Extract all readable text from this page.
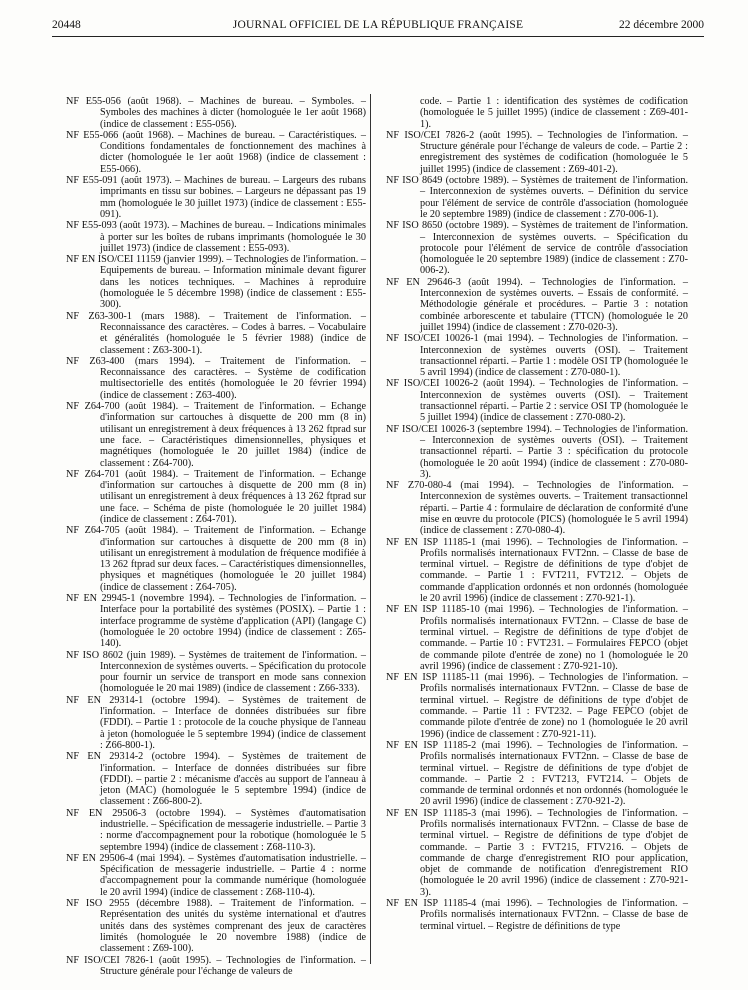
20448	JOURNAL OFFICIEL DE LA RÉPUBLIQUE FRANÇAISE	22 décembre 2000

NF E55-056 (août 1968). – Machines de bureau. – Symboles. – Symboles des machines à dicter (homologuée le 1er août 1968) (indice de classement : E55-056).

NF E55-066 (août 1968). – Machines de bureau. – Caractéristiques. – Conditions fondamentales de fonctionnement des machines à dicter (homologuée le 1er août 1968) (indice de classement : E55-066).

NF E55-091 (août 1973). – Machines de bureau. – Largeurs des rubans imprimants en tissu sur bobines. – Largeurs ne dépassant pas 19 mm (homologuée le 30 juillet 1973) (indice de classement : E55-091).

NF E55-093 (août 1973). – Machines de bureau. – Indications minimales à porter sur les boîtes de rubans imprimants (homologuée le 30 juillet 1973) (indice de classement : E55-093).

NF EN ISO/CEI 11159 (janvier 1999). – Technologies de l'information. – Equipements de bureau. – Information minimale devant figurer dans les notices techniques. – Machines à reproduire (homologuée le 5 décembre 1998) (indice de classement : E55-300).

NF Z63-300-1 (mars 1988). – Traitement de l'information. – Reconnaissance des caractères. – Codes à barres. – Vocabulaire et généralités (homologuée le 5 février 1988) (indice de classement : Z63-300-1).

NF Z63-400 (mars 1994). – Traitement de l'information. – Reconnaissance des caractères. – Système de codification multisectorielle des entités (homologuée le 20 février 1994) (indice de classement : Z63-400).

NF Z64-700 (août 1984). – Traitement de l'information. – Echange d'information sur cartouches à disquette de 200 mm (8 in) utilisant un enregistrement à deux fréquences à 13 262 ftprad sur une face. – Caractéristiques dimensionnelles, physiques et magnétiques (homologuée le 20 juillet 1984) (indice de classement : Z64-700).

NF Z64-701 (août 1984). – Traitement de l'information. – Echange d'information sur cartouches à disquette de 200 mm (8 in) utilisant un enregistrement à deux fréquences à 13 262 ftprad sur une face. – Schéma de piste (homologuée le 20 juillet 1984) (indice de classement : Z64-701).

NF Z64-705 (août 1984). – Traitement de l'information. – Echange d'information sur cartouches à disquette de 200 mm (8 in) utilisant un enregistrement à modulation de fréquence modifiée à 13 262 ftprad sur deux faces. – Caractéristiques dimensionnelles, physiques et magnétiques (homologuée le 20 juillet 1984) (indice de classement : Z64-705).

NF EN 29945-1 (novembre 1994). – Technologies de l'information. – Interface pour la portabilité des systèmes (POSIX). – Partie 1 : interface programme de système d'application (API) (langage C) (homologuée le 20 octobre 1994) (indice de classement : Z65-140).

NF ISO 8602 (juin 1989). – Systèmes de traitement de l'information. – Interconnexion de systèmes ouverts. – Spécification du protocole pour fournir un service de transport en mode sans connexion (homologuée le 20 mai 1989) (indice de classement : Z66-333).

NF EN 29314-1 (octobre 1994). – Systèmes de traitement de l'information. – Interface de données distribuées sur fibre (FDDI). – Partie 1 : protocole de la couche physique de l'anneau à jeton (homologuée le 5 septembre 1994) (indice de classement : Z66-800-1).

NF EN 29314-2 (octobre 1994). – Systèmes de traitement de l'information. – Interface de données distribuées sur fibre (FDDI). – partie 2 : mécanisme d'accès au support de l'anneau à jeton (MAC) (homologuée le 5 septembre 1994) (indice de classement : Z66-800-2).

NF EN 29506-3 (octobre 1994). – Systèmes d'automatisation industrielle. – Spécification de messagerie industrielle. – Partie 3 : norme d'accompagnement pour la robotique (homologuée le 5 septembre 1994) (indice de classement : Z68-110-3).

NF EN 29506-4 (mai 1994). – Systèmes d'automatisation industrielle. – Spécification de messagerie industrielle. – Partie 4 : norme d'accompagnement pour la commande numérique (homologuée le 20 avril 1994) (indice de classement : Z68-110-4).

NF ISO 2955 (décembre 1988). – Traitement de l'information. – Représentation des unités du système international et d'autres unités dans des systèmes comprenant des jeux de caractères limités (homologuée le 20 novembre 1988) (indice de classement : Z69-100).

NF ISO/CEI 7826-1 (août 1995). – Technologies de l'information. – Structure générale pour l'échange de valeurs de

code. – Partie 1 : identification des systèmes de codification (homologuée le 5 juillet 1995) (indice de classement : Z69-401-1).

NF ISO/CEI 7826-2 (août 1995). – Technologies de l'information. – Structure générale pour l'échange de valeurs de code. – Partie 2 : enregistrement des systèmes de codification (homologuée le 5 juillet 1995) (indice de classement : Z69-401-2).

NF ISO 8649 (octobre 1989). – Systèmes de traitement de l'information. – Interconnexion de systèmes ouverts. – Définition du service pour l'élément de service de contrôle d'association (homologuée le 20 septembre 1989) (indice de classement : Z70-006-1).

NF ISO 8650 (octobre 1989). – Systèmes de traitement de l'information. – Interconnexion de systèmes ouverts. – Spécification du protocole pour l'élément de service de contrôle d'association (homologuée le 20 septembre 1989) (indice de classement : Z70-006-2).

NF EN 29646-3 (août 1994). – Technologies de l'information. – Interconnexion de systèmes ouverts. – Essais de conformité. – Méthodologie générale et procédures. – Partie 3 : notation combinée arborescente et tabulaire (TTCN) (homologuée le 20 juillet 1994) (indice de classement : Z70-020-3).

NF ISO/CEI 10026-1 (mai 1994). – Technologies de l'information. – Interconnexion de systèmes ouverts (OSI). – Traitement transactionnel réparti. – Partie 1 : modèle OSI TP (homologuée le 5 avril 1994) (indice de classement : Z70-080-1).

NF ISO/CEI 10026-2 (août 1994). – Technologies de l'information. – Interconnexion de systèmes ouverts (OSI). – Traitement transactionnel réparti. – Partie 2 : service OSI TP (homologuée le 5 juillet 1994) (indice de classement : Z70-080-2).

NF ISO/CEI 10026-3 (septembre 1994). – Technologies de l'information. – Interconnexion de systèmes ouverts (OSI). – Traitement transactionnel réparti. – Partie 3 : spécification du protocole (homologuée le 20 août 1994) (indice de classement : Z70-080-3).

NF Z70-080-4 (mai 1994). – Technologies de l'information. – Interconnexion de systèmes ouverts. – Traitement transactionnel réparti. – Partie 4 : formulaire de déclaration de conformité d'une mise en œuvre du protocole (PICS) (homologuée le 5 avril 1994) (indice de classement : Z70-080-4).

NF EN ISP 11185-1 (mai 1996). – Technologies de l'information. – Profils normalisés internationaux FVT2nn. – Classe de base de terminal virtuel. – Registre de définitions de type d'objet de commande. – Partie 1 : FVT211, FVT212. – Objets de commande d'application ordonnés et non ordonnés (homologuée le 20 avril 1996) (indice de classement : Z70-921-1).

NF EN ISP 11185-10 (mai 1996). – Technologies de l'information. – Profils normalisés internationaux FVT2nn. – Classe de base de terminal virtuel. – Registre de définitions de type d'objet de commande. – Partie 10 : FVT231. – Formulaires FEPCO (objet de commande pilote d'entrée de zone) no 1 (homologuée le 20 avril 1996) (indice de classement : Z70-921-10).

NF EN ISP 11185-11 (mai 1996). – Technologies de l'information. – Profils normalisés internationaux FVT2nn. – Classe de base de terminal virtuel. – Registre de définitions de type d'objet de commande. – Partie 11 : FVT232. – Page FEPCO (objet de commande pilote d'entrée de zone) no 1 (homologuée le 20 avril 1996) (indice de classement : Z70-921-11).

NF EN ISP 11185-2 (mai 1996). – Technologies de l'information. – Profils normalisés internationaux FVT2nn. – Classe de base de terminal virtuel. – Registre de définitions de type d'objet de commande. – Partie 2 : FVT213, FVT214. – Objets de commande de terminal ordonnés et non ordonnés (homologuée le 20 avril 1996) (indice de classement : Z70-921-2).

NF EN ISP 11185-3 (mai 1996). – Technologies de l'information. – Profils normalisés internationaux FVT2nn. – Classe de base de terminal virtuel. – Registre de définitions de type d'objet de commande. – Partie 3 : FVT215, FTV216. – Objets de commande de charge d'enregistrement RIO pour application, objet de commande de notification d'enregistrement RIO (homologuée le 20 avril 1996) (indice de classement : Z70-921-3).

NF EN ISP 11185-4 (mai 1996). – Technologies de l'information. – Profils normalisés internationaux FVT2nn. – Classe de base de terminal virtuel. – Registre de définitions de type
